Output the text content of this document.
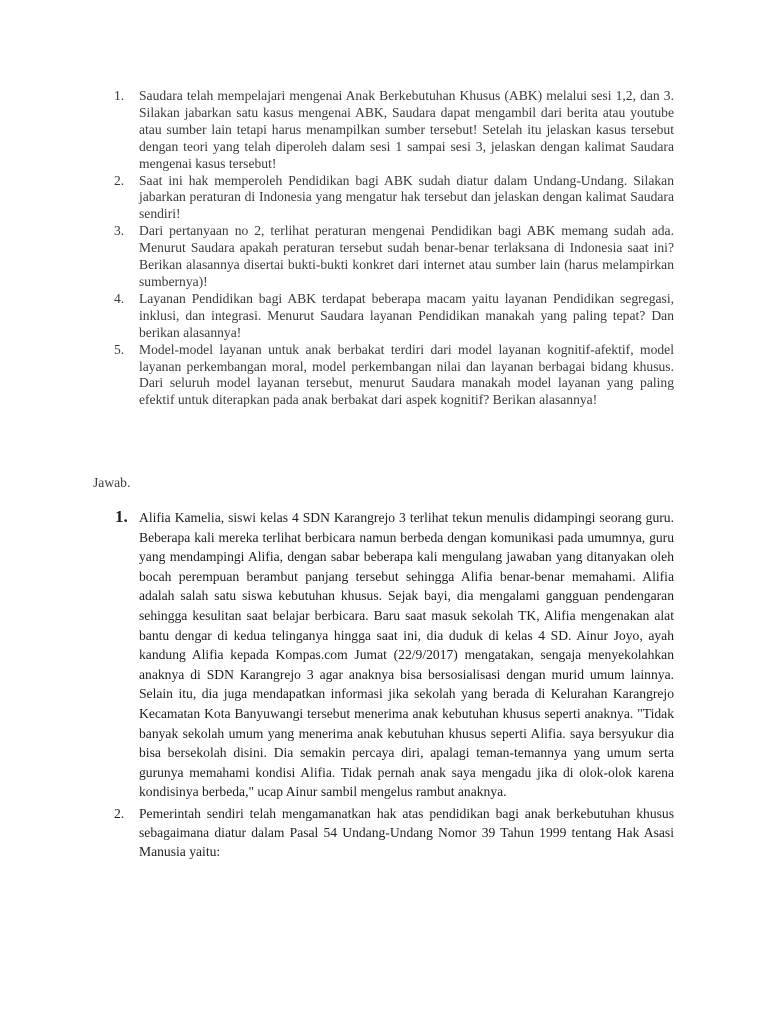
1. Saudara telah mempelajari mengenai Anak Berkebutuhan Khusus (ABK) melalui sesi 1,2, dan 3. Silakan jabarkan satu kasus mengenai ABK, Saudara dapat mengambil dari berita atau youtube atau sumber lain tetapi harus menampilkan sumber tersebut! Setelah itu jelaskan kasus tersebut dengan teori yang telah diperoleh dalam sesi 1 sampai sesi 3, jelaskan dengan kalimat Saudara mengenai kasus tersebut!
2. Saat ini hak memperoleh Pendidikan bagi ABK sudah diatur dalam Undang-Undang. Silakan jabarkan peraturan di Indonesia yang mengatur hak tersebut dan jelaskan dengan kalimat Saudara sendiri!
3. Dari pertanyaan no 2, terlihat peraturan mengenai Pendidikan bagi ABK memang sudah ada. Menurut Saudara apakah peraturan tersebut sudah benar-benar terlaksana di Indonesia saat ini? Berikan alasannya disertai bukti-bukti konkret dari internet atau sumber lain (harus melampirkan sumbernya)!
4. Layanan Pendidikan bagi ABK terdapat beberapa macam yaitu layanan Pendidikan segregasi, inklusi, dan integrasi. Menurut Saudara layanan Pendidikan manakah yang paling tepat? Dan berikan alasannya!
5. Model-model layanan untuk anak berbakat terdiri dari model layanan kognitif-afektif, model layanan perkembangan moral, model perkembangan nilai dan layanan berbagai bidang khusus. Dari seluruh model layanan tersebut, menurut Saudara manakah model layanan yang paling efektif untuk diterapkan pada anak berbakat dari aspek kognitif? Berikan alasannya!
Jawab.
1. Alifia Kamelia, siswi kelas 4 SDN Karangrejo 3 terlihat tekun menulis didampingi seorang guru. Beberapa kali mereka terlihat berbicara namun berbeda dengan komunikasi pada umumnya, guru yang mendampingi Alifia, dengan sabar beberapa kali mengulang jawaban yang ditanyakan oleh bocah perempuan berambut panjang tersebut sehingga Alifia benar-benar memahami. Alifia adalah salah satu siswa kebutuhan khusus. Sejak bayi, dia mengalami gangguan pendengaran sehingga kesulitan saat belajar berbicara. Baru saat masuk sekolah TK, Alifia mengenakan alat bantu dengar di kedua telinganya hingga saat ini, dia duduk di kelas 4 SD. Ainur Joyo, ayah kandung Alifia kepada Kompas.com Jumat (22/9/2017) mengatakan, sengaja menyekolahkan anaknya di SDN Karangrejo 3 agar anaknya bisa bersosialisasi dengan murid umum lainnya. Selain itu, dia juga mendapatkan informasi jika sekolah yang berada di Kelurahan Karangrejo Kecamatan Kota Banyuwangi tersebut menerima anak kebutuhan khusus seperti anaknya. "Tidak banyak sekolah umum yang menerima anak kebutuhan khusus seperti Alifia. saya bersyukur dia bisa bersekolah disini. Dia semakin percaya diri, apalagi teman-temannya yang umum serta gurunya memahami kondisi Alifia. Tidak pernah anak saya mengadu jika di olok-olok karena kondisinya berbeda," ucap Ainur sambil mengelus rambut anaknya.
2. Pemerintah sendiri telah mengamanatkan hak atas pendidikan bagi anak berkebutuhan khusus sebagaimana diatur dalam Pasal 54 Undang-Undang Nomor 39 Tahun 1999 tentang Hak Asasi Manusia yaitu:
